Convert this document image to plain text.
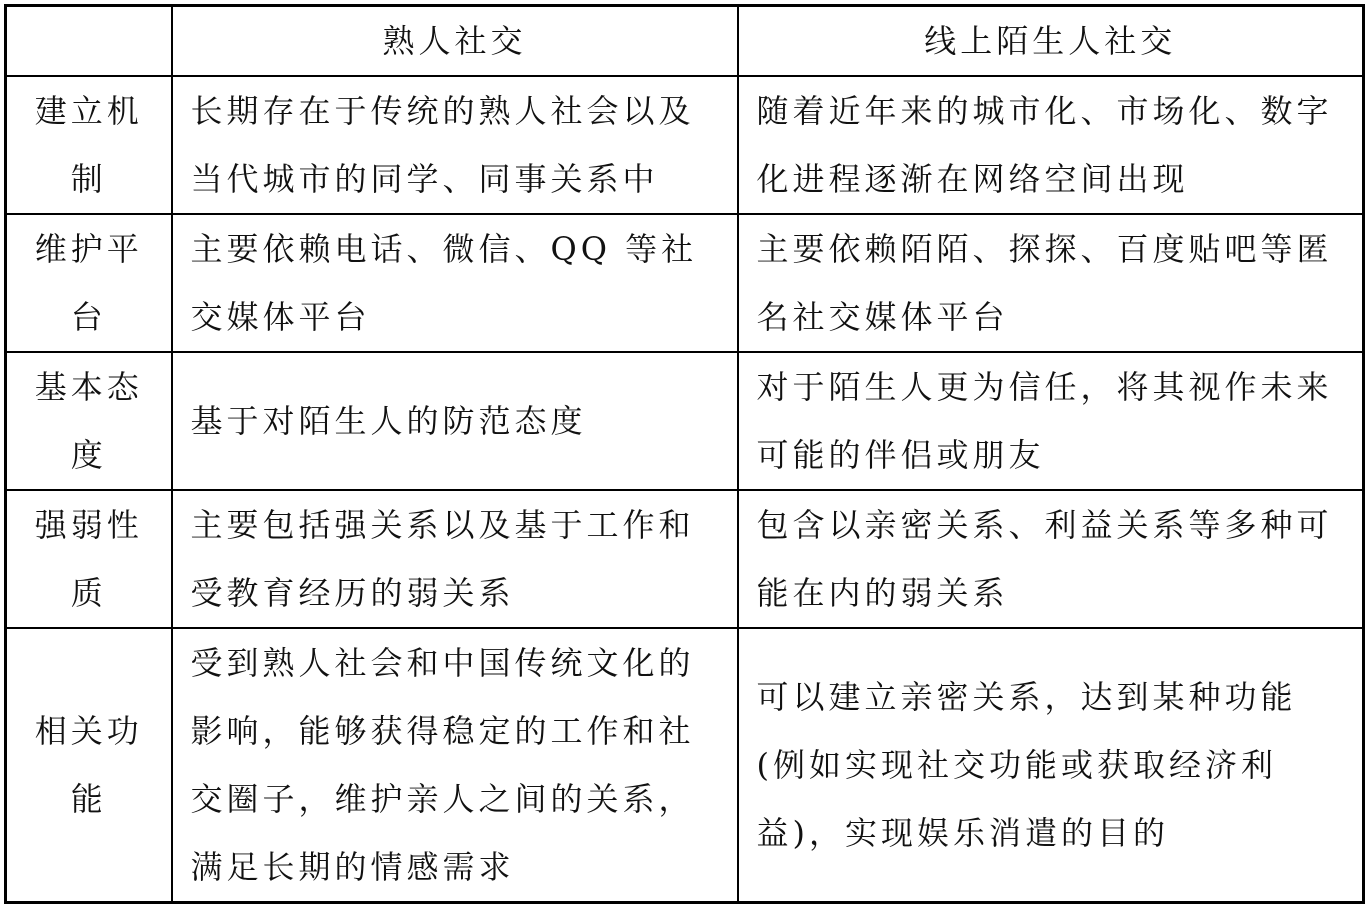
	熟人社交	线上陌生人社交
建立机制	长期存在于传统的熟人社会以及当代城市的同学、同事关系中	随着近年来的城市化、市场化、数字化进程逐渐在网络空间出现
维护平台	主要依赖电话、微信、QQ 等社交媒体平台	主要依赖陌陌、探探、百度贴吧等匿名社交媒体平台
基本态度	基于对陌生人的防范态度	对于陌生人更为信任，将其视作未来可能的伴侣或朋友
强弱性质	主要包括强关系以及基于工作和受教育经历的弱关系	包含以亲密关系、利益关系等多种可能在内的弱关系
相关功能	受到熟人社会和中国传统文化的影响，能够获得稳定的工作和社交圈子，维护亲人之间的关系，满足长期的情感需求	可以建立亲密关系，达到某种功能(例如实现社交功能或获取经济利益)，实现娱乐消遣的目的
